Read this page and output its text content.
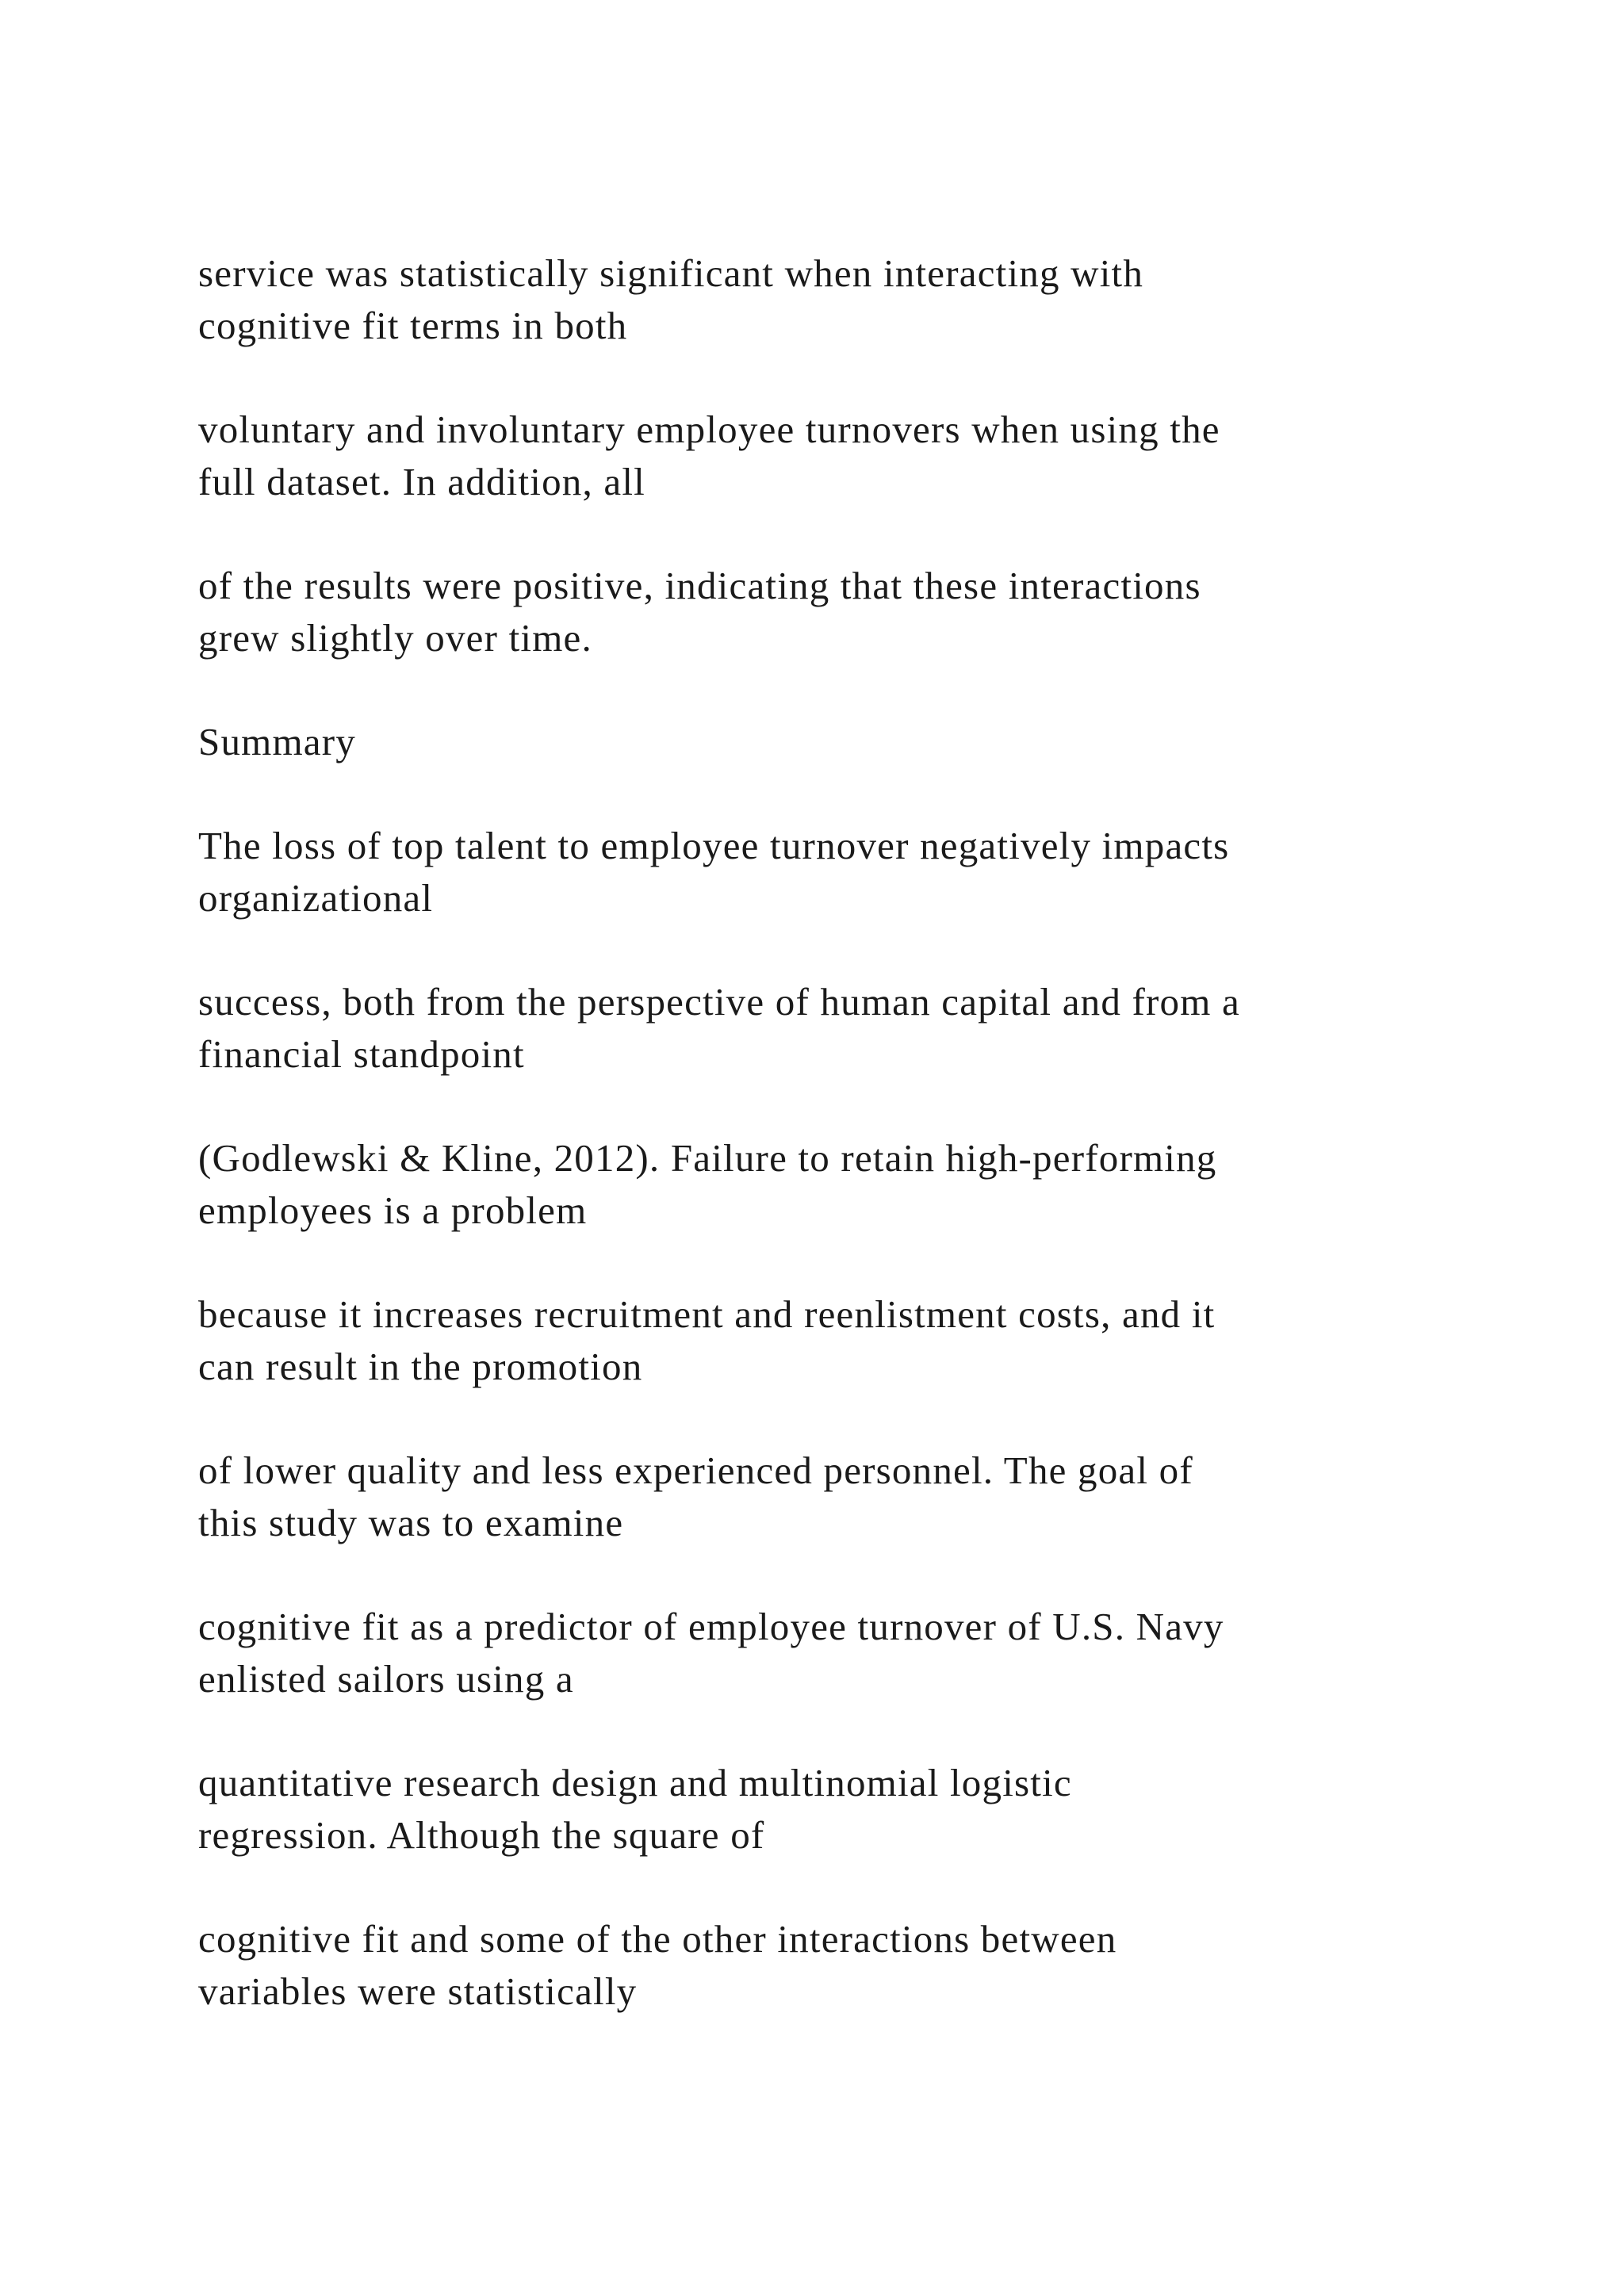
service was statistically significant when interacting with
cognitive fit terms in both

voluntary and involuntary employee turnovers when using the
full dataset. In addition, all

of the results were positive, indicating that these interactions
grew slightly over time.

Summary

The loss of top talent to employee turnover negatively impacts
organizational

success, both from the perspective of human capital and from a
financial standpoint

(Godlewski & Kline, 2012). Failure to retain high-performing
employees is a problem

because it increases recruitment and reenlistment costs, and it
can result in the promotion

of lower quality and less experienced personnel. The goal of
this study was to examine

cognitive fit as a predictor of employee turnover of U.S. Navy
enlisted sailors using a

quantitative research design and multinomial logistic
regression. Although the square of

cognitive fit and some of the other interactions between
variables were statistically
